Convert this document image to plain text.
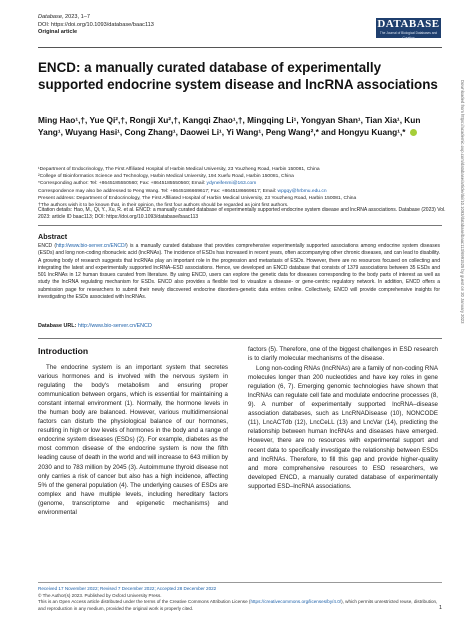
Database, 2023, 1–7
DOI: https://doi.org/10.1093/database/baac113
Original article
DATABASE
The Journal of Biological Databases and Curation
ENCD: a manually curated database of experimentally supported endocrine system disease and lncRNA associations
Ming Hao¹,†, Yue Qi²,†, Rongji Xu²,†, Kangqi Zhao¹,†, Mingqing Li¹, Yongyan Shan¹, Tian Xia¹, Kun Yang¹, Wuyang Hasi¹, Cong Zhang¹, Daowei Li¹, Yi Wang¹, Peng Wang²,* and Hongyu Kuang¹,*
¹Department of Endocrinology, The First Affiliated Hospital of Harbin Medical University, 23 Youzheng Road, Harbin 150081, China
²College of Bioinformatics Science and Technology, Harbin Medical University, 194 Xuefu Road, Harbin 150081, China
*Corresponding author: Tel: +8645185550560; Fax: +8645185550560; Email: ydyneifenmi@163.com
Correspondence may also be addressed to Peng Wang. Tel: +8645186669617; Fax: +8645186669617; Email: wpgqy@hrbmu.edu.cn
Present address: Department of Endocrinology, The First Affiliated Hospital of Harbin Medical University, 23 Youzheng Road, Harbin 150081, China
†The authors wish it to be known that, in their opinion, the first four authors should be regarded as joint first authors.
Citation details: Hao, M., Qi, Y., Xu, R. et al. ENCD: a manually curated database of experimentally supported endocrine system disease and lncRNA associations. Database (2023) Vol. 2023: article ID baac113; DOI: https://doi.org/10.1093/database/baac113
Abstract
ENCD (http://www.bio-server.cn/ENCD/) is a manually curated database that provides comprehensive experimentally supported associations among endocrine system diseases (ESDs) and long non-coding ribonucleic acid (lncRNAs). The incidence of ESDs has increased in recent years, often accompanying other chronic diseases, and can lead to disability. A growing body of research suggests that lncRNAs play an important role in the progression and metastasis of ESDs. However, there are no resources focused on collecting and integrating the latest and experimentally supported lncRNA–ESD associations. Hence, we developed an ENCD database that consists of 1379 associations between 35 ESDs and 501 lncRNAs in 12 human tissues curated from literature. By using ENCD, users can explore the genetic data for diseases corresponding to the body parts of interest as well as study the lncRNA regulating mechanism for ESDs. ENCD also provides a flexible tool to visualize a disease- or gene-centric regulatory network. In addition, ENCD offers a submission page for researchers to submit their newly discovered endocrine disorders-genetic data entries online. Collectively, ENCD will provide comprehensive insights for investigating the ESDs associated with lncRNAs.
Database URL: http://www.bio-server.cn/ENCD
Introduction

The endocrine system is an important system that secretes various hormones and is involved with the nervous system in regulating the body's metabolism and ensuring proper communication between organs, which is essential for maintaining a constant internal environment (1). Normally, the hormone levels in the human body are balanced. However, various multidimensional factors can disturb the physiological balance of our hormones, resulting in high or low levels of hormones in the body and a range of endocrine system diseases (ESDs) (2). For example, diabetes as the most common disease of the endocrine system is now the fifth leading cause of death in the world and will increase to 643 million by 2030 and to 783 million by 2045 (3). Autoimmune thyroid disease not only carries a risk of cancer but also has a high incidence, affecting 5% of the general population (4). The underlying causes of ESDs are complex and have multiple levels, including hereditary factors (genome, transcriptome and epigenetic mechanisms) and environmental

factors (5). Therefore, one of the biggest challenges in ESD research is to clarify molecular mechanisms of the disease.

Long non-coding RNAs (lncRNAs) are a family of non-coding RNA molecules longer than 200 nucleotides and have key roles in gene regulation (6, 7). Emerging genomic technologies have shown that lncRNAs can regulate cell fate and modulate endocrine processes (8, 9). A number of experimentally supported lncRNA–disease association databases, such as LncRNADisease (10), NONCODE (11), LncACTdb (12), LncCeLL (13) and LncVar (14), predicting the relationship between human lncRNAs and diseases have emerged. However, there are no resources with experimental support and recent data to specifically investigate the relationship between ESDs and lncRNAs. Therefore, to fill this gap and provide higher-quality and more comprehensive resources to ESD researchers, we developed ENCD, a manually curated database of experimentally supported ESD–lncRNA associations.

Received 17 November 2022; Revised 7 December 2022; Accepted 28 December 2022
© The Author(s) 2023. Published by Oxford University Press.
This is an Open Access article distributed under the terms of the Creative Commons Attribution License (https://creativecommons.org/licenses/by/4.0/), which permits unrestricted reuse, distribution, and reproduction in any medium, provided the original work is properly cited.	1
Downloaded from https://academic.oup.com/database/article/doi/10.1093/database/baac113/6991525 by guest on 20 January 2023
